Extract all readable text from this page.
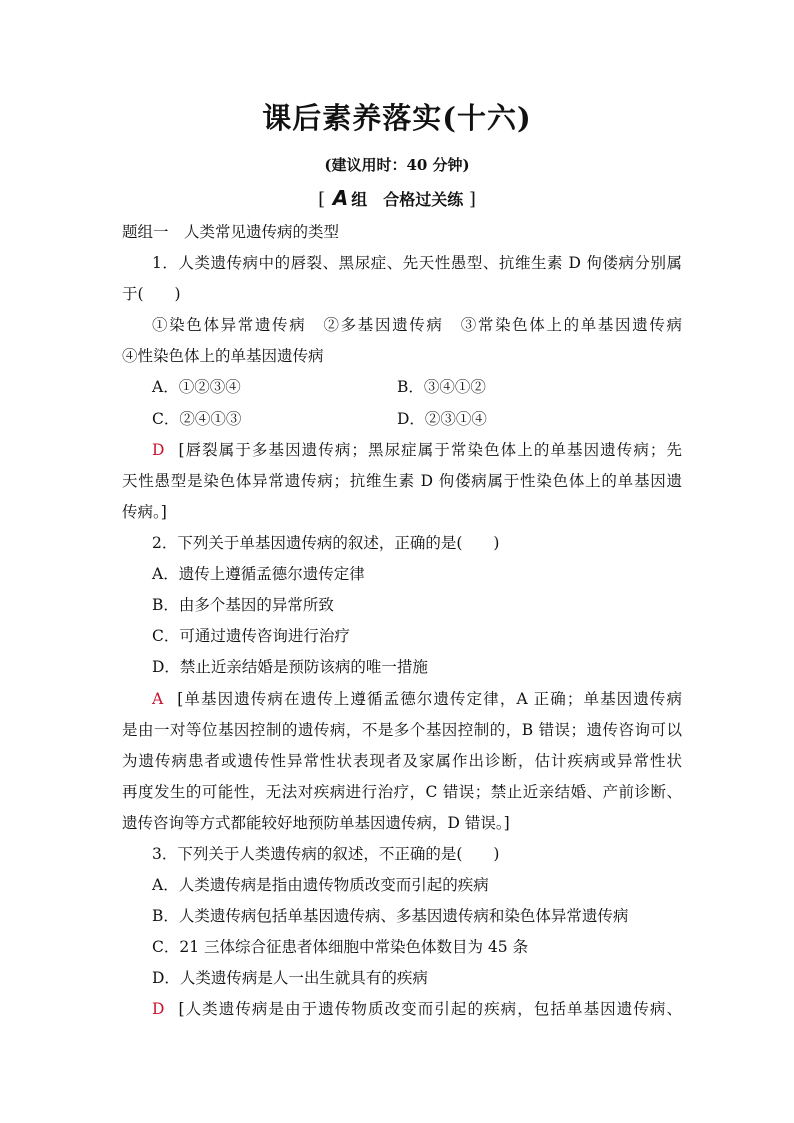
课后素养落实(十六)
(建议用时：40 分钟)
[ A 组　合格过关练 ]
题组一　人类常见遗传病的类型
1．人类遗传病中的唇裂、黑尿症、先天性愚型、抗维生素 D 佝偻病分别属
于(　　)
①染色体异常遗传病　②多基因遗传病　③常染色体上的单基因遗传病
④性染色体上的单基因遗传病
A．①②③④	B．③④①②
C．②④①③	D．②③①④
D [唇裂属于多基因遗传病；黑尿症属于常染色体上的单基因遗传病；先
天性愚型是染色体异常遗传病；抗维生素 D 佝偻病属于性染色体上的单基因遗
传病。]
2．下列关于单基因遗传病的叙述，正确的是(　　)
A．遗传上遵循孟德尔遗传定律
B．由多个基因的异常所致
C．可通过遗传咨询进行治疗
D．禁止近亲结婚是预防该病的唯一措施
A [单基因遗传病在遗传上遵循孟德尔遗传定律，A 正确；单基因遗传病
是由一对等位基因控制的遗传病，不是多个基因控制的，B 错误；遗传咨询可以
为遗传病患者或遗传性异常性状表现者及家属作出诊断，估计疾病或异常性状
再度发生的可能性，无法对疾病进行治疗，C 错误；禁止近亲结婚、产前诊断、
遗传咨询等方式都能较好地预防单基因遗传病，D 错误。]
3．下列关于人类遗传病的叙述，不正确的是(　　)
A．人类遗传病是指由遗传物质改变而引起的疾病
B．人类遗传病包括单基因遗传病、多基因遗传病和染色体异常遗传病
C．21 三体综合征患者体细胞中常染色体数目为 45 条
D．人类遗传病是人一出生就具有的疾病
D [人类遗传病是由于遗传物质改变而引起的疾病，包括单基因遗传病、
